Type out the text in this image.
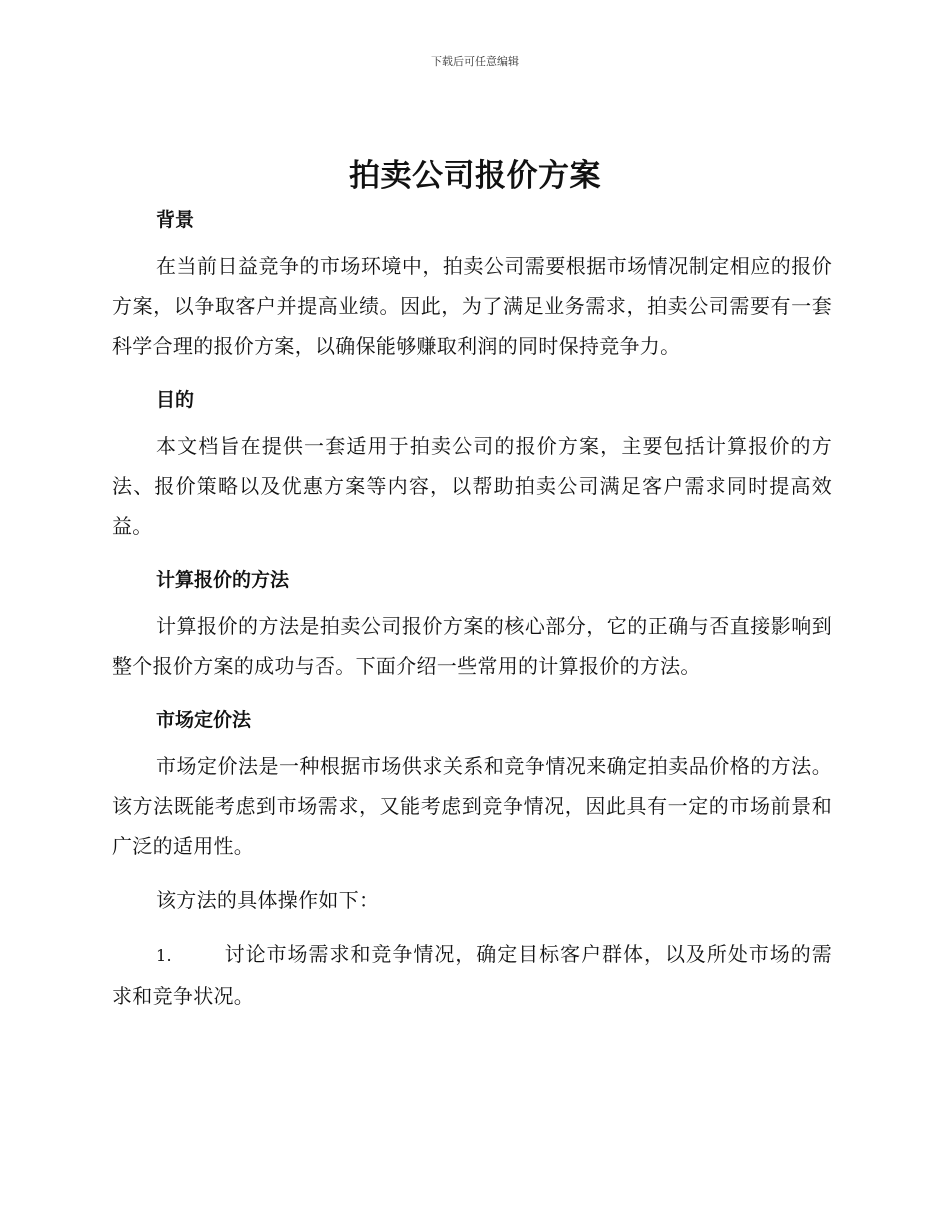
下载后可任意编辑
拍卖公司报价方案

背景

在当前日益竞争的市场环境中，拍卖公司需要根据市场情况制定相应的报价方案，以争取客户并提高业绩。因此，为了满足业务需求，拍卖公司需要有一套科学合理的报价方案，以确保能够赚取利润的同时保持竞争力。

目的

本文档旨在提供一套适用于拍卖公司的报价方案，主要包括计算报价的方法、报价策略以及优惠方案等内容，以帮助拍卖公司满足客户需求同时提高效益。

计算报价的方法

计算报价的方法是拍卖公司报价方案的核心部分，它的正确与否直接影响到整个报价方案的成功与否。下面介绍一些常用的计算报价的方法。

市场定价法

市场定价法是一种根据市场供求关系和竞争情况来确定拍卖品价格的方法。该方法既能考虑到市场需求，又能考虑到竞争情况，因此具有一定的市场前景和广泛的适用性。

该方法的具体操作如下：

1.	讨论市场需求和竞争情况，确定目标客户群体，以及所处市场的需求和竞争状况。
